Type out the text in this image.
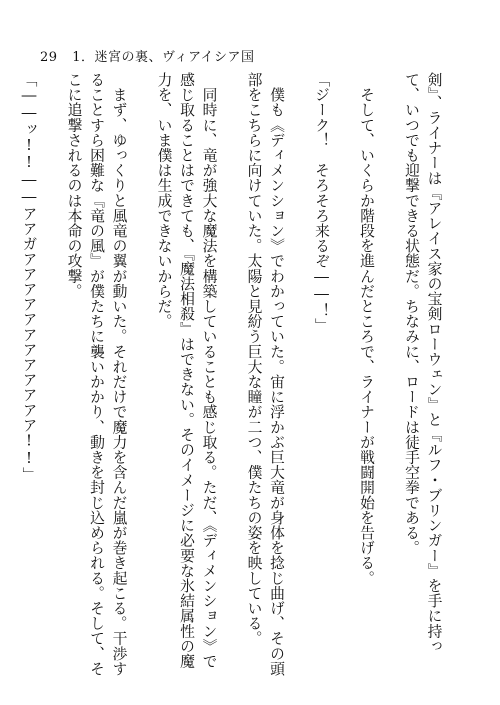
29 1．迷宮の裏、ヴィアイシア国

剣』、ライナーは『アレイス家の宝剣ローウェン』と『ルフ・ブリンガー』を手に持って、いつでも迎撃できる状態だ。ちなみに、ロードは徒手空拳である。

　そして、いくらか階段を進んだところで、ライナーが戦闘開始を告げる。

「ジーク！　そろそろ来るぞ――！」

　僕も《ディメンション》でわかっていた。宙に浮かぶ巨大竜が身体を捻じ曲げ、その頭部をこちらに向けていた。太陽と見紛う巨大な瞳が二つ、僕たちの姿を映している。

　同時に、竜が強大な魔法を構築していることも感じ取る。ただ、《ディメンション》で感じ取ることはできても、『魔法相殺』はできない。そのイメージに必要な氷結属性の魔力を、いま僕は生成できないからだ。

　まず、ゆっくりと風竜の翼が動いた。それだけで魔力を含んだ嵐が巻き起こる。干渉することすら困難な『竜の風』が僕たちに襲いかかり、動きを封じ込められる。そして、そこに追撃されるのは本命の攻撃。

「――ッ!!――アアガアアアアアアアアアアアア!!」
